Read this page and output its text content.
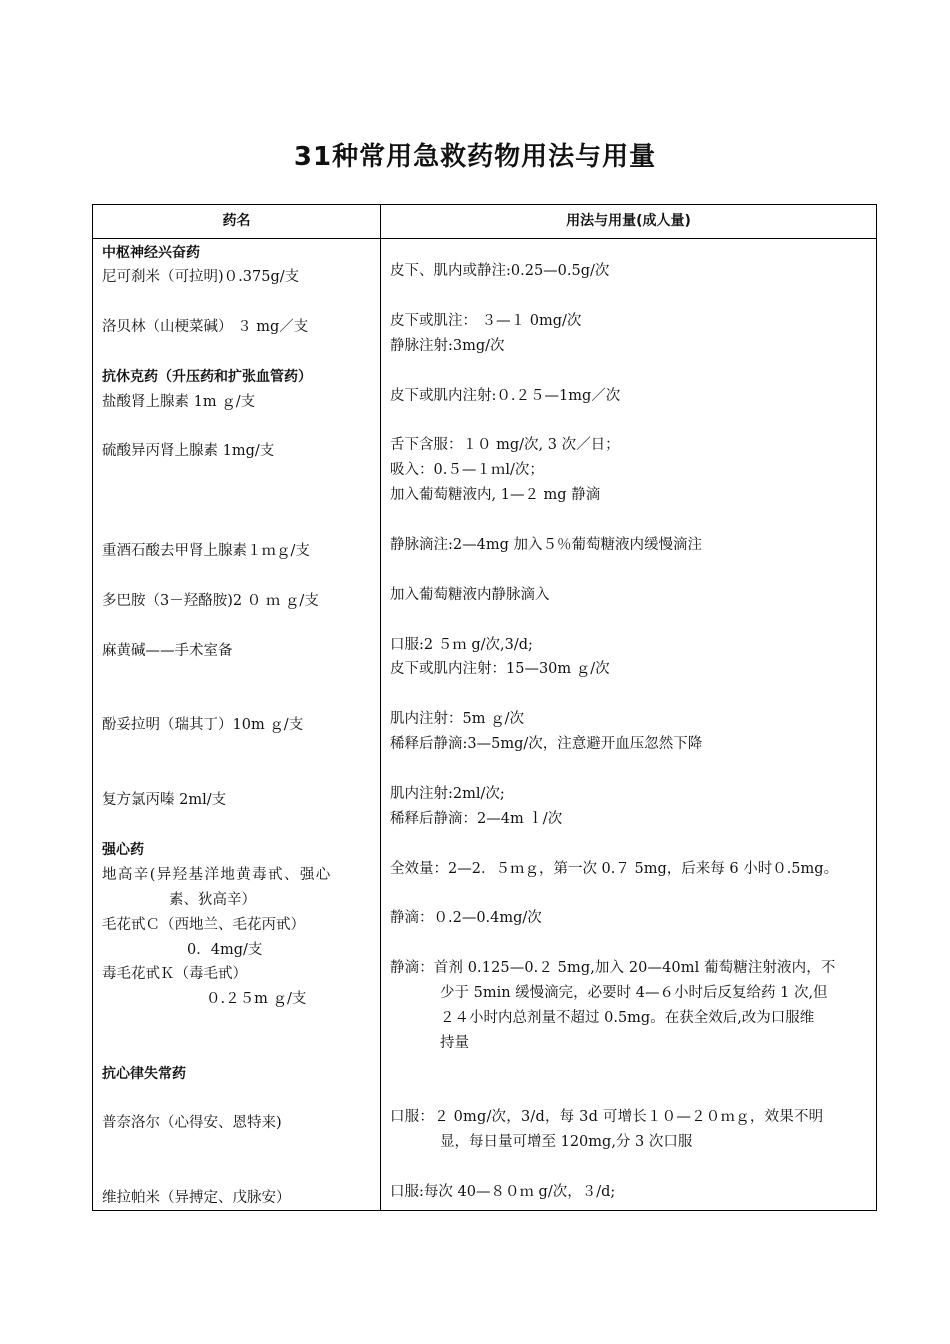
31种常用急救药物用法与用量
药名	用法与用量(成人量)
中枢神经兴奋药
尼可刹米（可拉明)０.375g/支
洛贝林（山梗菜碱） ３ mg／支
抗休克药（升压药和扩张血管药）
盐酸肾上腺素 1m ｇ/支
硫酸异丙肾上腺素 1mg/支
重酒石酸去甲肾上腺素１ｍｇ/支
多巴胺（3－羟酪胺)2 ０ ｍ ｇ/支
麻黄碱——手术室备
酚妥拉明（瑞其丁）10m ｇ/支
复方氯丙嗪 2ml/支
强心药
地高辛(异羟基洋地黄毒甙、强心
素、狄高辛）
毛花甙Ｃ（西地兰、毛花丙甙）
0．4mg/支
毒毛花甙Ｋ（毒毛甙）
０.２５m ｇ/支
抗心律失常药
普奈洛尔（心得安、恩特来)
维拉帕米（异搏定、戊脉安）
皮下、肌内或静注:0.25—0.5g/次
皮下或肌注： ３—１ 0mg/次
静脉注射:3mg/次
皮下或肌内注射:０.２５—1mg／次
舌下含服：１０ mg/次, 3 次／日；
吸入：0.５—１ｍl/次；
加入葡萄糖液内, 1—２ mg 静滴
静脉滴注:2—4mg 加入５％葡萄糖液内缓慢滴注
加入葡萄糖液内静脉滴入
口服:2 ５ｍ g/次,3/d;
皮下或肌内注射：15—30m ｇ/次
肌内注射：5m ｇ/次
稀释后静滴:3—5mg/次，注意避开血压忽然下降
肌内注射:2ml/次;
稀释后静滴：2—4m ｌ/次
全效量：2—2．５ｍｇ，第一次 0.７ 5mg，后来每 6 小时０.5mg。
静滴：０.2—0.4mg/次
静滴：首剂 0.125—0.２ 5mg,加入 20—40ml 葡萄糖注射液内，不
少于 5min 缓慢滴完，必要时 4—６小时后反复给药 1 次,但
２４小时内总剂量不超过 0.5mg。在获全效后,改为口服维
持量
口服：２ 0mg/次，3/d，每 3d 可增长１０—２０ｍｇ，效果不明
显，每日量可增至 120mg,分 3 次口服
口服:每次 40—８０ｍ g/次，３/d;
